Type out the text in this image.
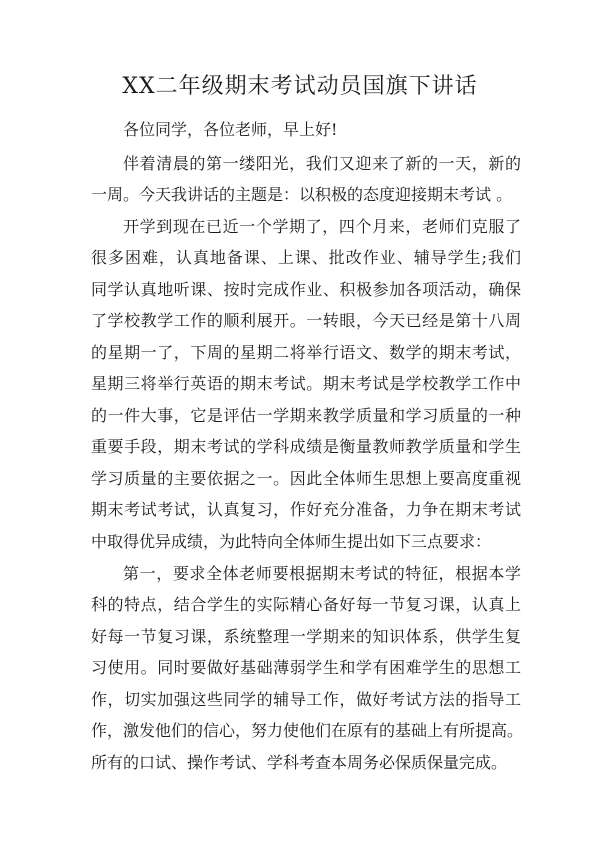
XX二年级期末考试动员国旗下讲话
各位同学，各位老师，早上好!
伴着清晨的第一缕阳光，我们又迎来了新的一天，新的
一周。今天我讲话的主题是：以积极的态度迎接期末考试 。
开学到现在已近一个学期了，四个月来，老师们克服了
很多困难，认真地备课、上课、批改作业、辅导学生;我们
同学认真地听课、按时完成作业、积极参加各项活动，确保
了学校教学工作的顺利展开。一转眼，今天已经是第十八周
的星期一了，下周的星期二将举行语文、数学的期末考试，
星期三将举行英语的期末考试。期末考试是学校教学工作中
的一件大事，它是评估一学期来教学质量和学习质量的一种
重要手段，期末考试的学科成绩是衡量教师教学质量和学生
学习质量的主要依据之一。因此全体师生思想上要高度重视
期末考试考试，认真复习，作好充分准备，力争在期末考试
中取得优异成绩，为此特向全体师生提出如下三点要求：
第一，要求全体老师要根据期末考试的特征，根据本学
科的特点，结合学生的实际精心备好每一节复习课，认真上
好每一节复习课，系统整理一学期来的知识体系，供学生复
习使用。同时要做好基础薄弱学生和学有困难学生的思想工
作，切实加强这些同学的辅导工作，做好考试方法的指导工
作，激发他们的信心，努力使他们在原有的基础上有所提高。
所有的口试、操作考试、学科考查本周务必保质保量完成。
